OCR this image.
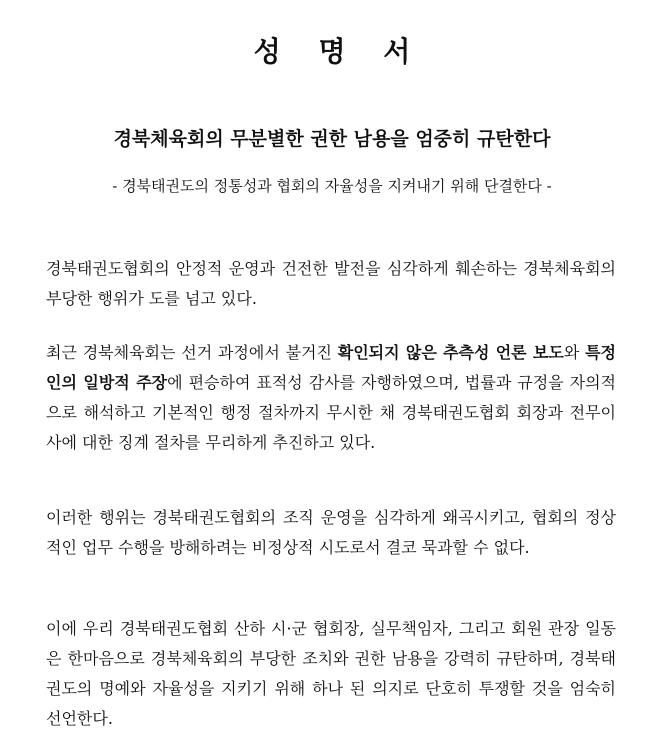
성 명 서
경북체육회의 무분별한 권한 남용을 엄중히 규탄한다
- 경북태권도의 정통성과 협회의 자율성을 지켜내기 위해 단결한다 -

경북태권도협회의 안정적 운영과 건전한 발전을 심각하게 훼손하는 경북체육회의 부당한 행위가 도를 넘고 있다.

최근 경북체육회는 선거 과정에서 불거진 확인되지 않은 추측성 언론 보도와 특정인의 일방적 주장에 편승하여 표적성 감사를 자행하였으며, 법률과 규정을 자의적으로 해석하고 기본적인 행정 절차까지 무시한 채 경북태권도협회 회장과 전무이사에 대한 징계 절차를 무리하게 추진하고 있다.

이러한 행위는 경북태권도협회의 조직 운영을 심각하게 왜곡시키고, 협회의 정상적인 업무 수행을 방해하려는 비정상적 시도로서 결코 묵과할 수 없다.

이에 우리 경북태권도협회 산하 시·군 협회장, 실무책임자, 그리고 회원 관장 일동은 한마음으로 경북체육회의 부당한 조치와 권한 남용을 강력히 규탄하며, 경북태권도의 명예와 자율성을 지키기 위해 하나 된 의지로 단호히 투쟁할 것을 엄숙히 선언한다.
